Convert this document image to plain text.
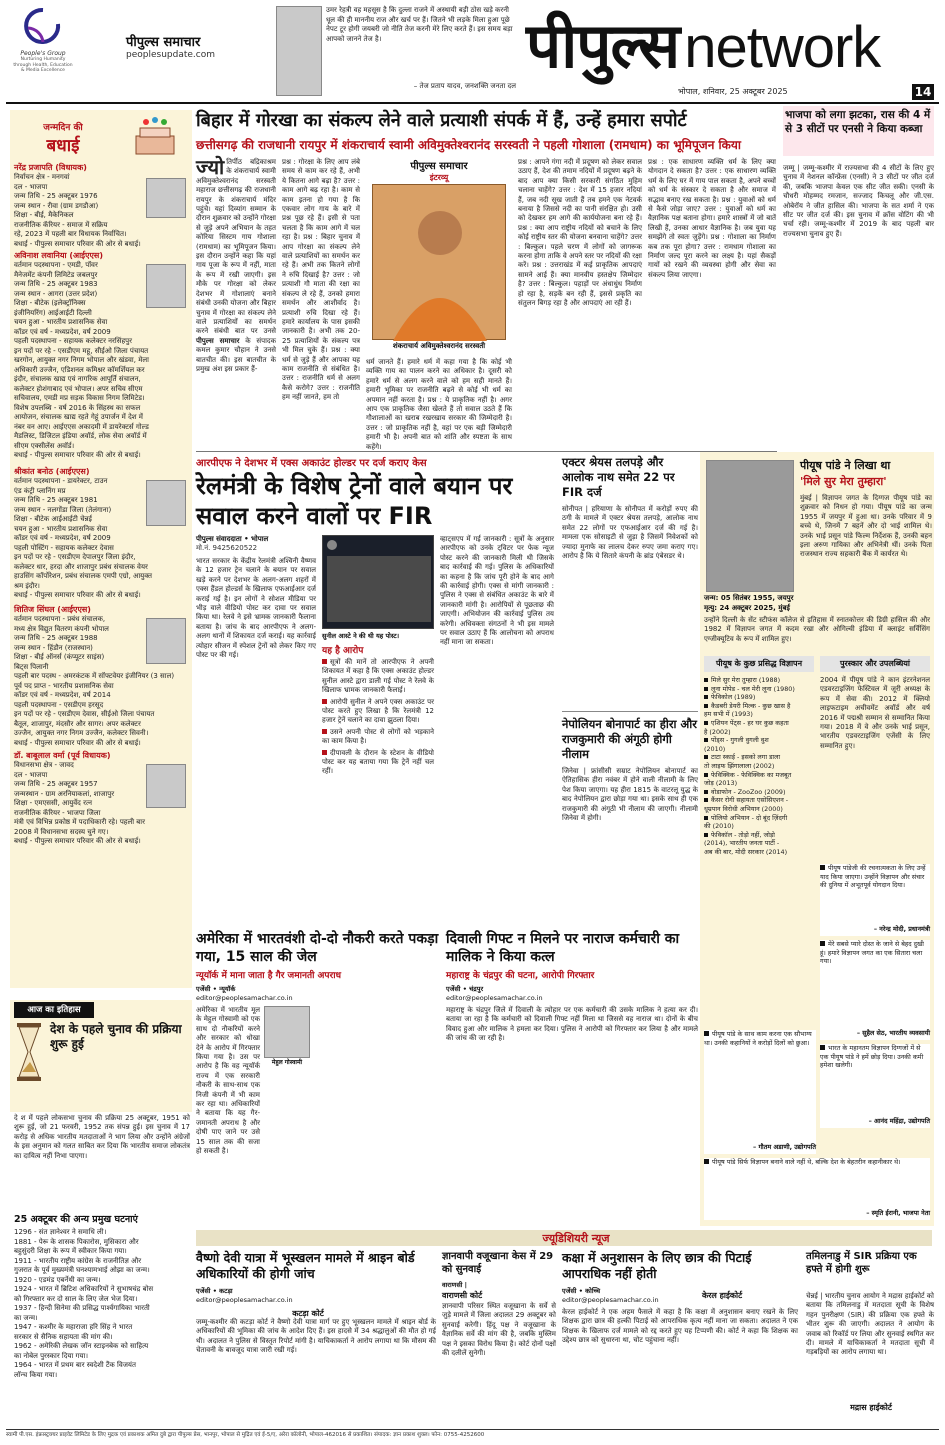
People's Group
Nurturing Humanity through Health, Education & Media Excellence
पीपुल्स समाचार
peoplesupdate.com
उमर रेहत्री वह महसूस है कि दुल्ला राजने में अस्थायी बड़ी ठोस खड़े करनी धूल की ही माननीय राज और खर्च पर हैं। जितने भी लड़के मिला हुआ पूछे नेपट टूर होगी जयबरी जो नीति तेज करनी मेरे लिए करते हैं। इस समय बड़ा आपको जानने तेज है।
– तेज प्रताप यादव, जनशक्ति जनता दल
पीपुल्स network
भोपाल, शनिवार, 25 अक्टूबर 2025	14
जन्मदिन की
बधाई
नरेंद्र प्रजापति (विधायक)
निर्वाचन क्षेत्र - मनगवां
दल - भाजपा
जन्म तिथि - 25 अक्टूबर 1976
जन्म स्थान - रीवा (ग्राम डगडौआ)
शिक्षा - बीई, मैकेनिकल
राजनीतिक कॅरियर - समाज में सक्रिय
रहे, 2023 में पहली बार विधायक निर्वाचित।
बधाई - पीपुल्स समाचार परिवार की ओर से बधाई।
अविनाश लवानिया (आईएएस)
वर्तमान पदस्थापना - एमडी, पॉवर
मैनेजमेंट कंपनी लिमिटेड जबलपुर
जन्म तिथि - 25 अक्टूबर 1983
जन्म स्थान - आगरा (उत्तर प्रदेश)
शिक्षा - बीटेक (इलेक्ट्रॉनिक्स
इंजीनियरिंग) आईआईटी दिल्ली
चयन हुआ - भारतीय प्रशासनिक सेवा
कॉडर एवं वर्ष - मध्यप्रदेश, वर्ष 2009
पहली पदस्थापना - सहायक कलेक्टर नरसिंहपुर
इन पदों पर रहे - एसडीएम महू, सीईओ जिला पंचायत
खरगोन, आयुक्त नगर निगम भोपाल और खंडवा, मेला
अधिकारी उज्जैन, एडिशनल कमिश्नर कॉमर्शियल कर
इंदौर, संचालक खाद्य एवं नागरिक आपूर्ति संचालन,
कलेक्टर होशंगाबाद एवं भोपाल। अपर सचिव सीएम
सचिवालय, एमडी मप्र सड़क विकास निगम लिमिटेड।
विशेष उपलब्धि - वर्ष 2016 के सिंहस्थ का सफल
आयोजन, संचालक खाद्य रहते गेहूं उपार्जन में देश में
नंबर वन आए। आईएएस अकादमी में डायरेक्टर्स गोल्ड
मैडलिस्ट, डिजिटल इंडिया अवॉर्ड, लोक सेवा अवॉर्ड में
सीएम एक्सीलेंस अवॉर्ड।
बधाई - पीपुल्स समाचार परिवार की ओर से बधाई।
श्रीकांत बनोठ (आईएएस)
वर्तमान पदस्थापना - डायरेक्टर, टाउन
एंड कंट्री प्लानिंग मप्र
जन्म तिथि - 25 अक्टूबर 1981
जन्म स्थान - नलगोंडा जिला (तेलंगाना)
शिक्षा - बीटेक आईआईटी चेन्नई
चयन हुआ - भारतीय प्रशासनिक सेवा
कॉडर एवं वर्ष - मध्यप्रदेश, वर्ष 2009
पहली पोस्टिंग - सहायक कलेक्टर देवास
इन पदों पर रहे - एसडीएम देपालपुर जिला इंदौर,
कलेक्टर धार, हरदा और शाजापुर प्रबंध संचालक वेयर
हाउसिंग कॉर्पोरेशन, प्रबंध संचालक एमपी एग्रो, आयुक्त
श्रम इंदौर।
बधाई - पीपुल्स समाचार परिवार की ओर से बधाई।
शितिज सिंघल (आईएएस)
वर्तमान पदस्थापना - प्रबंध संचालक,
मध्य क्षेत्र विद्युत वितरण कंपनी भोपाल
जन्म तिथि - 25 अक्टूबर 1988
जन्म स्थान - हिंडौन (राजस्थान)
शिक्षा - बीई ऑनर्स (कंप्यूटर साइंस)
बिट्स पिलानी
पहली बार पदस्थ - अमरकंटक में सॉफ्टवेयर इंजीनियर (3 साल)
पूर्व पद प्राप्त - भारतीय प्रशासनिक सेवा
कॉडर एवं वर्ष - मध्यप्रदेश, वर्ष 2014
पहली पदस्थापना - एसडीएम हरसूद
इन पदों पर रहे - एसडीएम देवास, सीईओ जिला पंचायत
बैतूल, शाजापुर, मंदसौर और सागर। अपर कलेक्टर
उज्जैन, आयुक्त नगर निगम उज्जैन, कलेक्टर सिवनी।
बधाई - पीपुल्स समाचार परिवार की ओर से बधाई।
डॉ. बाबूलाल वर्मा (पूर्व विधायक)
विधानसभा क्षेत्र - जावद
दल - भाजपा
जन्म तिथि - 25 अक्टूबर 1957
जन्मस्थान - ग्राम अरनियाकलां, शाजापुर
शिक्षा - एमएससी, आयुर्वेद रत्न
राजनीतिक कॅरियर - भाजपा जिला
मंत्री एवं विभिन्न प्रकोष्ठ में पदाधिकारी रहे। पहली बार
2008 में विधानसभा सदस्य चुने गए।
बधाई - पीपुल्स समाचार परिवार की ओर से बधाई।
आज का इतिहास
देश के पहले चुनाव की प्रक्रिया शुरू हुई
दे श में पहले लोकसभा चुनाव की प्रक्रिया 25 अक्टूबर, 1951 को शुरू हुई, जो 21 फरवरी, 1952 तक संपन्न हुई। इस चुनाव में 17 करोड़ से अधिक भारतीय मतदाताओं ने भाग लिया और उन्होंने अंग्रेजों के इस अनुमान को गलत साबित कर दिया कि भारतीय समाज लोकतंत्र का दायित्व नहीं निभा पाएगा।
25 अक्टूबर की अन्य प्रमुख घटनाएं
1296 - संत ज्ञानेश्वर ने समाधि ली।
1881 - पेरू के शासक पिकारोस, मुसिकारा और
बहुसुंदरी शिक्षा के रूप में स्वीकार किया गया।
1911 - भारतीय राष्ट्रीय कांग्रेस के राजनीतिज्ञ और
गुजरात के पूर्व मुख्यमंत्री घनश्यामभाई ओझा का जन्म।
1920 - एडमंड एबर्नेथी का जन्म।
1924 - भारत में ब्रिटिश अधिकारियों ने सुभाषचंद्र बोस
को गिरफ्तार कर दो साल के लिए जेल भेज दिया।
1937 - हिन्दी सिनेमा की प्रसिद्ध पार्श्वगायिका भारती
का जन्म।
1947 - कश्मीर के महाराजा हरि सिंह ने भारत
सरकार से सैनिक सहायता की मांग की।
1962 - अमेरिकी लेखक जॉन स्टाइनबेक को साहित्य
का नोबेल पुरस्कार दिया गया।
1964 - भारत में प्रथम बार स्वदेशी टैंक विजयंत
लॉन्च किया गया।
बिहार में गोरखा का संकल्प लेने वाले प्रत्याशी संपर्क में हैं, उन्हें हमारा सपोर्ट
छत्तीसगढ़ की राजधानी रायपुर में शंकराचार्य स्वामी अविमुक्तेश्वरानंद सरस्वती ने पहली गोशाला (रामधाम) का भूमिपूजन किया
ज्यो तिर्पीठ बद्रिकाश्रम के शंकराचार्य स्वामी अविमुक्तेश्वरानंद सरस्वती महाराज छत्तीसगढ़ की राजधानी रायपुर के शंकराचार्य मंदिर पहुंचे। यहां दिव्यांग सम्मान के दौरान शुक्रवार को उन्होंने गोरक्षा से जुड़े अपने अभियान के तहत कोरिया सिस्टम गाय गोशाला (रामधाम) का भूमिपूजन किया। इस दौरान उन्होंने कहा कि यहां गाय पूजा के रूप में नहीं, माता के रूप में रखी जाएगी। इस मौके पर गोरक्षा को लेकर देशभर में गोशालाएं बनाने संबंधी उनकी योजना और बिहार चुनाव में गोरक्षा का संकल्प लेने वाले प्रत्याशियों का समर्थन करने संबंधी बात पर उनसे पीपुल्स समाचार के संपादक कमल कुमार चौहान ने उनसे बातचीत की। इस बातचीत के प्रमुख अंश इस प्रकार हैं-
प्रश्न : गोरक्षा के लिए आप लंबे समय से काम कर रहे हैं, अभी ये कितना आगे बढ़ा है? उत्तर : काम आगे बढ़ रहा है। काम से काम इतना हो गया है कि एकवार लोग गाय के बारे में प्रश्न पूछ रहे हैं। इसी से पता चलता है कि काम आगे में चल रहा है। प्रश्न : बिहार चुनाव में आप गोरक्षा का संकल्प लेने वाले प्रत्याशियों का समर्थन कर रहे हैं। अभी तक कितने लोगों ने रुचि दिखाई है? उत्तर : जो प्रत्याशी गौ माता की रक्षा का संकल्प ले रहे हैं, उनको हमारा समर्थन और आशीर्वाद है। प्रत्याशी रुचि दिखा रहे हैं। हमारे कार्यालय के पास इसकी जानकारी है। अभी तक 20-25 प्रत्याशियों के संकल्प पत्र भी मिल चुके हैं। प्रश्न : क्या धर्म से जुड़े हैं और आपका यह काम राजनीति से संबंधित है। उत्तर : राजनीति धर्म से अलग कैसे करोगे? उत्तर : राजनीति हम नहीं जानते, हम तो
पीपुल्स समाचार
इंटरव्यू
शंकराचार्य अविमुक्तेश्वरानंद सरस्वती
धर्म जानते हैं। हमारे धर्म में कहा गया है कि कोई भी व्यक्ति गाय का पालन करने का अधिकार है। दूसरी को हमारे धर्म से अलग करने वाले को हम सही मानते हैं। हमारी भूमिका पर राजनीति बढ़ने से कोई भी धर्म का अपमान नहीं करता है। प्रश्न : ये प्राकृतिक नहीं है। अगर आप एक प्राकृतिक जैसा खेलते हैं तो सवाल उठते हैं कि गौशालाओं का खराब रखरखाव सरकार की जिम्मेदारी है। उत्तर : जो प्राकृतिक नहीं है, वहां पर एक बड़ी जिम्मेदारी हमारी भी है। अपनी बात को शांति और स्पष्टता के साथ कहेंगे।
प्रश्न : आपने गंगा नदी में प्रदूषण को लेकर सवाल उठाए हैं, देश की तमाम नदियों में प्रदूषण बढ़ने के बाद आप क्या किसी सरकारी संगठित मुहिम चलाना चाहेंगे? उत्तर : देश में 15 हजार नदियां हैं, जब नदी सूख जाती हैं तब हमने एक नेटवर्क बनाया है जिससे नदी का पानी संरक्षित हो। उसी को देखकर हम आगे की कार्ययोजना बना रहे हैं। प्रश्न : क्या आप राष्ट्रीय नदियों को बचाने के लिए कोई राष्ट्रीय स्तर की योजना बनवाना चाहेंगे? उत्तर : बिल्कुल। पहले चरण में लोगों को जागरूक करना होगा ताकि वे अपने स्तर पर नदियों की रक्षा करें। प्रश्न : उत्तराखंड में कई प्राकृतिक आपदाएं सामने आई हैं। क्या मानवीय हस्तक्षेप जिम्मेदार है? उत्तर : बिल्कुल। पहाड़ों पर अंधाधुंध निर्माण हो रहा है, सड़कें बन रही हैं, इससे प्रकृति का संतुलन बिगड़ रहा है और आपदाएं आ रही हैं।
प्रश्न : एक साधारण व्यक्ति धर्म के लिए क्या योगदान दे सकता है? उत्तर : एक साधारण व्यक्ति धर्म के लिए घर में गाय पाल सकता है, अपने बच्चों को धर्म के संस्कार दे सकता है और समाज में सद्भाव बनाए रख सकता है। प्रश्न : युवाओं को धर्म से कैसे जोड़ा जाए? उत्तर : युवाओं को धर्म का वैज्ञानिक पक्ष बताना होगा। हमारे शास्त्रों में जो बातें लिखी हैं, उनका आधार वैज्ञानिक है। जब युवा यह समझेंगे तो स्वतः जुड़ेंगे। प्रश्न : गोशाला का निर्माण कब तक पूरा होगा? उत्तर : रामधाम गोशाला का निर्माण जल्द पूरा करने का लक्ष्य है। यहां सैकड़ों गायों को रखने की व्यवस्था होगी और सेवा का संकल्प लिया जाएगा।
आरपीएफ ने देशभर में एक्स अकाउंट होल्डर पर दर्ज कराए केस
रेलमंत्री के विशेष ट्रेनों वाले बयान पर सवाल करने वालों पर FIR
पीपुल्स संवाददाता • भोपाल
मो.नं. 9425620522
भारत सरकार के केंद्रीय रेलमंत्री अश्विनी वैष्णव के 12 हजार ट्रेन चलाने के बयान पर सवाल खड़े करने पर देशभर के अलग-अलग शहरों में एक्स हैंडल होल्डर्स के खिलाफ एफआईआर दर्ज कराई गई है। इन लोगों ने सोशल मीडिया पर भीड़ वाले वीडियो पोस्ट कर दावा पर सवाल किया था। रेलवे ने इसे भ्रामक जानकारी फैलाना बताया है। जांच के बाद आरपीएफ ने अलग-अलग थानों में शिकायत दर्ज कराई। यह कार्रवाई त्योहार सीजन में स्पेशल ट्रेनों को लेकर किए गए पोस्ट पर की गई।
सुनील आस्टे ने की थी यह पोस्ट।
यह है आरोप
सूत्रों की मानें तो आरपीएफ ने अपनी शिकायत में कहा है कि एक्स अकाउंट होल्डर सुनील आस्टे द्वारा डाली गई पोस्ट ने रेलवे के खिलाफ भ्रामक जानकारी फैलाई।
आरोपी सुनील ने अपने एक्स अकाउंट पर पोस्ट करते हुए लिखा है कि रेलमंत्री 12 हजार ट्रेनें चलाने का दावा झुठला दिया।
उसने अपनी पोस्ट से लोगों को भड़काने का काम किया है।
दीपावली के दौरान के स्टेशन के वीडियो पोस्ट कर यह बताया गया कि ट्रेनें नहीं चल रहीं।
व्हाट्सएप में गई जानकारी : सूत्रों के अनुसार आरपीएफ को उनके ट्विटर पर फेक न्यूज पोस्ट करने की जानकारी मिली थी जिसके बाद कार्रवाई की गई। पुलिस के अधिकारियों का कहना है कि जांच पूरी होने के बाद आगे की कार्रवाई होगी। एक्स से मांगी जानकारी : पुलिस ने एक्स से संबंधित अकाउंट के बारे में जानकारी मांगी है। आरोपियों से पूछताछ की जाएगी। अभियोजन की कार्रवाई पुलिस तय करेगी। अधिवक्ता संगठनों ने भी इस मामले पर सवाल उठाए हैं कि आलोचना को अपराध नहीं माना जा सकता।
एक्टर श्रेयस तलपड़े और आलोक नाथ समेत 22 पर FIR दर्ज
सोनीपत | हरियाणा के सोनीपत में करोड़ों रुपए की ठगी के मामले में एक्टर श्रेयस तलपड़े, आलोक नाथ समेत 22 लोगों पर एफआईआर दर्ज की गई है। मामला एक सोसाइटी से जुड़ा है जिसमें निवेशकों को ज्यादा मुनाफे का लालच देकर रुपए जमा कराए गए। आरोप है कि ये सितारे कंपनी के ब्रांड एंबेसडर थे।
नेपोलियन बोनापार्ट का हीरा और राजकुमारी की अंगूठी होगी नीलाम
जिनेवा | फ्रांसीसी सम्राट नेपोलियन बोनापार्ट का ऐतिहासिक हीरा नवंबर में होने वाली नीलामी के लिए पेश किया जाएगा। यह हीरा 1815 के वाटरलू युद्ध के बाद नेपोलियन द्वारा छोड़ा गया था। इसके साथ ही एक राजकुमारी की अंगूठी भी नीलाम की जाएगी। नीलामी जिनेवा में होगी।
अमेरिका में भारतवंशी दो-दो नौकरी करते पकड़ा गया, 15 साल की जेल
न्यूयॉर्क में माना जाता है गैर जमानती अपराध
एजेंसी • न्यूयॉर्क
editor@peoplesamachar.co.in
मेहुल गोस्वामी
अमेरिका में भारतीय मूल के मेहुल गोस्वामी को एक साथ दो नौकरियों करने और सरकार को धोखा देने के आरोप में गिरफ्तार किया गया है। उस पर आरोप है कि वह न्यूयॉर्क राज्य में एक सरकारी नौकरी के साथ-साथ एक निजी कंपनी में भी काम कर रहा था। अधिकारियों ने बताया कि यह गैर-जमानती अपराध है और दोषी पाए जाने पर उसे 15 साल तक की सजा हो सकती है।
दिवाली गिफ्ट न मिलने पर नाराज कर्मचारी का मालिक ने किया कत्ल
महाराष्ट्र के चंद्रपुर की घटना, आरोपी गिरफ्तार
एजेंसी • चंद्रपुर
editor@peoplesamachar.co.in
महाराष्ट्र के चंद्रपुर जिले में दिवाली के त्योहार पर एक कर्मचारी की उसके मालिक ने हत्या कर दी। बताया जा रहा है कि कर्मचारी को दिवाली गिफ्ट नहीं मिला था जिससे वह नाराज था। दोनों के बीच विवाद हुआ और मालिक ने हमला कर दिया। पुलिस ने आरोपी को गिरफ्तार कर लिया है और मामले की जांच की जा रही है।
ज्यूडिशियरी न्यूज
वैष्णो देवी यात्रा में भूस्खलन मामले में श्राइन बोर्ड अधिकारियों की होगी जांच
एजेंसी • कटड़ा
editor@peoplesamachar.co.in
कटड़ा कोर्ट
जम्मू-कश्मीर की कटड़ा कोर्ट ने वैष्णो देवी यात्रा मार्ग पर हुए भूस्खलन मामले में श्राइन बोर्ड के अधिकारियों की भूमिका की जांच के आदेश दिए हैं। इस हादसे में 34 श्रद्धालुओं की मौत हो गई थी। अदालत ने पुलिस से विस्तृत रिपोर्ट मांगी है। याचिकाकर्ता ने आरोप लगाया था कि मौसम की चेतावनी के बावजूद यात्रा जारी रखी गई।
ज्ञानवापी वजूखाना केस में 29 को सुनवाई
वाराणसी |
वाराणसी कोर्ट
ज्ञानवापी परिसर स्थित वजूखाना के सर्वे से जुड़े मामले में जिला अदालत 29 अक्टूबर को सुनवाई करेगी। हिंदू पक्ष ने वजूखाना के वैज्ञानिक सर्वे की मांग की है, जबकि मुस्लिम पक्ष ने इसका विरोध किया है। कोर्ट दोनों पक्षों की दलीलें सुनेगी।
कक्षा में अनुशासन के लिए छात्र की पिटाई आपराधिक नहीं होती
एजेंसी • कोच्चि
editor@peoplesamachar.co.in	केरल हाईकोर्ट
केरल हाईकोर्ट ने एक अहम फैसले में कहा है कि कक्षा में अनुशासन बनाए रखने के लिए शिक्षक द्वारा छात्र की हल्की पिटाई को आपराधिक कृत्य नहीं माना जा सकता। अदालत ने एक शिक्षक के खिलाफ दर्ज मामले को रद्द करते हुए यह टिप्पणी की। कोर्ट ने कहा कि शिक्षक का उद्देश्य छात्र को सुधारना था, चोट पहुंचाना नहीं।
तमिलनाडु में SIR प्रक्रिया एक हफ्ते में होगी शुरू
चेन्नई | भारतीय चुनाव आयोग ने मद्रास हाईकोर्ट को बताया कि तमिलनाडु में मतदाता सूची के विशेष गहन पुनरीक्षण (SIR) की प्रक्रिया एक हफ्ते के भीतर शुरू की जाएगी। अदालत ने आयोग के जवाब को रिकॉर्ड पर लिया और सुनवाई स्थगित कर दी। मामले में याचिकाकर्ता ने मतदाता सूची में गड़बड़ियों का आरोप लगाया था।
मद्रास हाईकोर्ट
भाजपा को लगा झटका, रास की 4 में से 3 सीटों पर एनसी ने किया कब्जा
जम्मू | जम्मू-कश्मीर में राज्यसभा की 4 सीटों के लिए हुए चुनाव में नेशनल कॉन्फ्रेंस (एनसी) ने 3 सीटों पर जीत दर्ज की, जबकि भाजपा केवल एक सीट जीत सकी। एनसी के चौधरी मोहम्मद रमजान, सज्जाद किचलू और जी.एस. ओबेरॉय ने जीत हासिल की। भाजपा के सत शर्मा ने एक सीट पर जीत दर्ज की। इस चुनाव में क्रॉस वोटिंग की भी चर्चा रही। जम्मू-कश्मीर में 2019 के बाद पहली बार राज्यसभा चुनाव हुए हैं।
पीयूष पांडे ने लिखा था
'मिले सुर मेरा तुम्हारा'
मुंबई | विज्ञापन जगत के दिग्गज पीयूष पांडे का शुक्रवार को निधन हो गया। पीयूष पांडे का जन्म 1955 में जयपुर में हुआ था। उनके परिवार में 9 बच्चे थे, जिनमें 7 बहनें और दो भाई शामिल थे। उनके भाई प्रसून पांडे फिल्म निर्देशक हैं, उनकी बहन इला अरुण गायिका और अभिनेत्री थीं। उनके पिता राजस्थान राज्य सहकारी बैंक में कार्यरत थे।
जन्म: 05 सितंबर 1955, जयपुर
मृत्यु: 24 अक्टूबर 2025, मुंबई
उन्होंने दिल्ली के सेंट स्टीफंस कॉलेज से इतिहास में स्नातकोत्तर की डिग्री हासिल की और 1982 में विज्ञापन जगत में कदम रखा और ओगिल्वी इंडिया में क्लाइंट सर्विसिंग एग्जीक्यूटिव के रूप में शामिल हुए।
पीयूष के कुछ प्रसिद्ध विज्ञापन
मिले सुर मेरा तुम्हारा (1988)
लूना मोपेड - चल मेरी लूना (1980)
फेविकोल (1989)
कैडबरी डेयरी मिल्क - कुछ खास है
हम सभी में (1993)
एशियन पेंट्स - हर घर कुछ कहता
है (2002)
पोंड्स - गुगली वुगली वुश
(2010)
टाटा स्काई - इसको लगा डाला
तो लाइफ झिंगालाला (2002)
फेविक्विक - फेविक्विक का मजबूत
जोड़ (2013)
वोडाफोन - ZooZoo (2009)
कैंसर रोगी सहायता एसोसिएशन -
धूम्रपान विरोधी अभियान (2000)
पोलियो अभियान - दो बूंद ज़िंदगी
की (2010)
फेविकॉल - तोड़ो नहीं, जोड़ो
(2014), भारतीय जनता पार्टी -
अब की बार, मोदी सरकार (2014)
पुरस्कार और उपलब्धियां
2004 में पीयूष पांडे ने कान इंटरनेशनल एडवरटाइजिंग फेस्टिवल में जूरी अध्यक्ष के रूप में सेवा की। 2012 में क्लियो लाइफटाइम अचीवमेंट अवॉर्ड और वर्ष 2016 में पद्मश्री सम्मान से सम्मानित किया गया। 2018 में वे और उनके भाई प्रसून, भारतीय एडवरटाइजिंग एजेंसी के लिए सम्मानित हुए।
पीयूष पांडेजी की रचनात्मकता के लिए उन्हें याद किया जाएगा। उन्होंने विज्ञापन और संचार की दुनिया में अभूतपूर्व योगदान दिया।
– नरेन्द्र मोदी, प्रधानमंत्री
मेरे सबसे प्यारे दोस्त के जाने से बेहद दुखी हूं। हमारे विज्ञापन जगत का एक सितारा चला गया।
– सुहैल सेठ, भारतीय व्यवसायी
भारत के महानतम विज्ञापन दिग्गजों में से एक पीयूष पांडे ने हमें छोड़ दिया। उनकी कमी हमेशा खलेगी।
– आनंद महिंद्रा, उद्योगपति
पीयूष पांडे के साथ काम करना एक सौभाग्य था। उनकी कहानियों ने करोड़ों दिलों को छुआ।
– गौतम अडाणी, उद्योगपति
पीयूष पांडे सिर्फ विज्ञापन बनाने वाले नहीं थे, बल्कि देश के बेहतरीन कहानीकार थे।
– स्मृति ईरानी, भाजपा नेता
स्वामी पी.एस. इंफ्रास्ट्रक्चर प्राइवेट लिमिटेड के लिए मुद्रक एवं प्रकाशक अमित दुबे द्वारा पीपुल्स प्रेस, भानपुर, भोपाल से मुद्रित एवं ई-5/ए, अरेरा कॉलोनी, भोपाल-462016 से प्रकाशित। संपादक: ज्ञान प्रकाश शुक्ल। फोन: 0755-4252600
